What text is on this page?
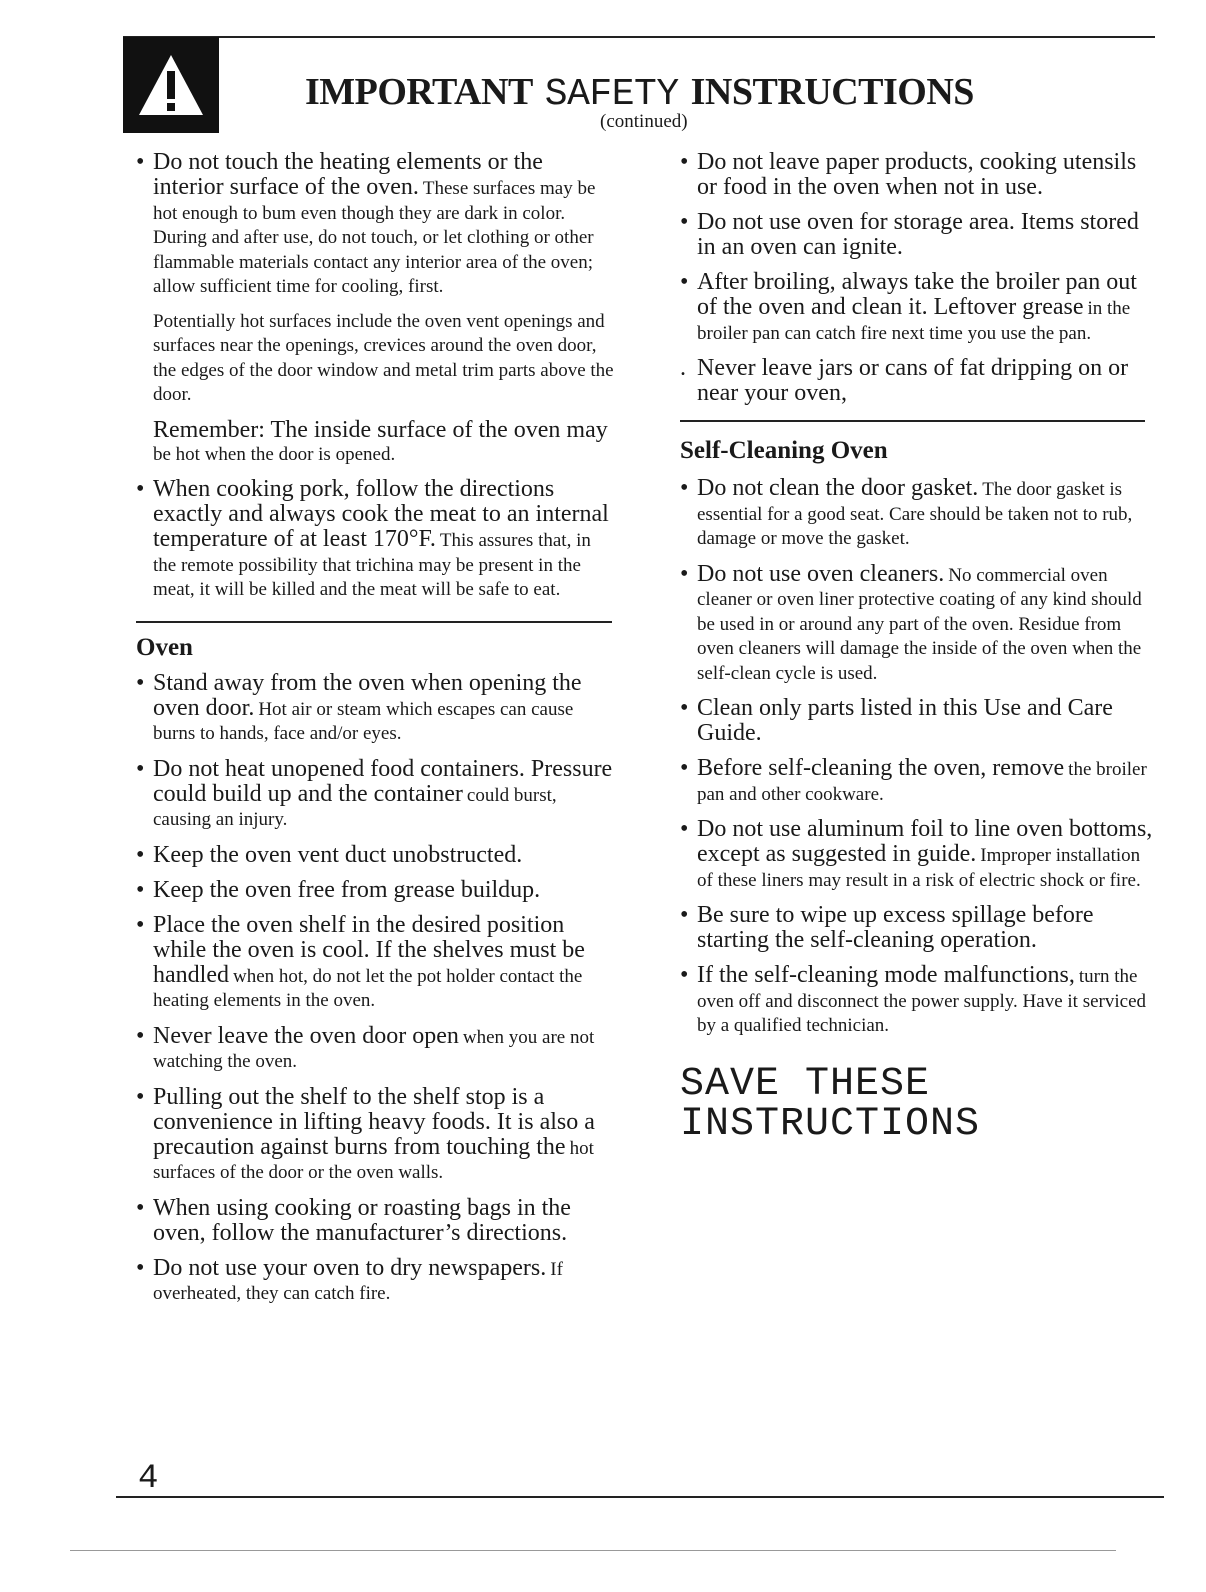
IMPORTANT SAFETY INSTRUCTIONS
(continued)
• Do not touch the heating elements or the interior surface of the oven. These surfaces may be hot enough to bum even though they are dark in color. During and after use, do not touch, or let clothing or other flammable materials contact any interior area of the oven; allow sufficient time for cooling, first.
Potentially hot surfaces include the oven vent openings and surfaces near the openings, crevices around the oven door, the edges of the door window and metal trim parts above the door.
Remember: The inside surface of the oven may be hot when the door is opened.
• When cooking pork, follow the directions exactly and always cook the meat to an internal temperature of at least 170°F. This assures that, in the remote possibility that trichina may be present in the meat, it will be killed and the meat will be safe to eat.
Oven
• Stand away from the oven when opening the oven door. Hot air or steam which escapes can cause burns to hands, face and/or eyes.
• Do not heat unopened food containers. Pressure could build up and the container could burst, causing an injury.
• Keep the oven vent duct unobstructed.
• Keep the oven free from grease buildup.
• Place the oven shelf in the desired position while the oven is cool. If the shelves must be handled when hot, do not let the pot holder contact the heating elements in the oven.
• Never leave the oven door open when you are not watching the oven.
• Pulling out the shelf to the shelf stop is a convenience in lifting heavy foods. It is also a precaution against burns from touching the hot surfaces of the door or the oven walls.
• When using cooking or roasting bags in the oven, follow the manufacturer’s directions.
• Do not use your oven to dry newspapers. If overheated, they can catch fire.
• Do not leave paper products, cooking utensils or food in the oven when not in use.
• Do not use oven for storage area. Items stored in an oven can ignite.
• After broiling, always take the broiler pan out of the oven and clean it. Leftover grease in the broiler pan can catch fire next time you use the pan.
. Never leave jars or cans of fat dripping on or near your oven,
Self-Cleaning Oven
• Do not clean the door gasket. The door gasket is essential for a good seat. Care should be taken not to rub, damage or move the gasket.
• Do not use oven cleaners. No commercial oven cleaner or oven liner protective coating of any kind should be used in or around any part of the oven. Residue from oven cleaners will damage the inside of the oven when the self-clean cycle is used.
• Clean only parts listed in this Use and Care Guide.
• Before self-cleaning the oven, remove the broiler pan and other cookware.
• Do not use aluminum foil to line oven bottoms, except as suggested in guide. Improper installation of these liners may result in a risk of electric shock or fire.
• Be sure to wipe up excess spillage before starting the self-cleaning operation.
• If the self-cleaning mode malfunctions, turn the oven off and disconnect the power supply. Have it serviced by a qualified technician.
SAVE THESE
INSTRUCTIONS
4
